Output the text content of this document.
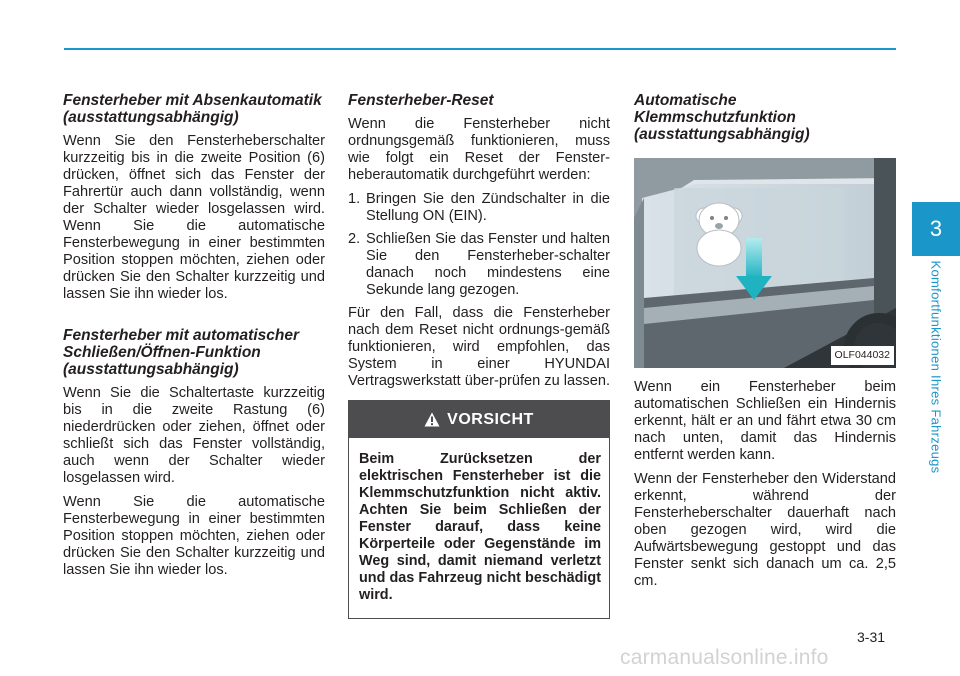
Fensterheber mit Absenkautomatik (ausstattungsabhängig)

Wenn Sie den Fensterheberschalter kurzzeitig bis in die zweite Position (6) drücken, öffnet sich das Fenster der Fahrertür auch dann vollständig, wenn der Schalter wieder losgelassen wird. Wenn Sie die automatische Fensterbewegung in einer bestimmten Position stoppen möchten, ziehen oder drücken Sie den Schalter kurzzeitig und lassen Sie ihn wieder los.

Fensterheber mit automatischer Schließen/Öffnen-Funktion (ausstattungsabhängig)

Wenn Sie die Schaltertaste kurzzeitig bis in die zweite Rastung (6) niederdrücken oder ziehen, öffnet oder schließt sich das Fenster vollständig, auch wenn der Schalter wieder losgelassen wird.

Wenn Sie die automatische Fensterbewegung in einer bestimmten Position stoppen möchten, ziehen oder drücken Sie den Schalter kurzzeitig und lassen Sie ihn wieder los.

Fensterheber-Reset

Wenn die Fensterheber nicht ordnungsgemäß funktionieren, muss wie folgt ein Reset der Fenster-heberautomatik durchgeführt werden:

1. Bringen Sie den Zündschalter in die Stellung ON (EIN).
2. Schließen Sie das Fenster und halten Sie den Fensterheber-schalter danach noch mindestens eine Sekunde lang gezogen.

Für den Fall, dass die Fensterheber nach dem Reset nicht ordnungs-gemäß funktionieren, wird empfohlen, das System in einer HYUNDAI Vertragswerkstatt über-prüfen zu lassen.

VORSICHT
Beim Zurücksetzen der elektrischen Fensterheber ist die Klemmschutzfunktion nicht aktiv. Achten Sie beim Schließen der Fenster darauf, dass keine Körperteile oder Gegenstände im Weg sind, damit niemand verletzt und das Fahrzeug nicht beschädigt wird.
Automatische Klemmschutzfunktion (ausstattungsabhängig)
OLF044032

Wenn ein Fensterheber beim automatischen Schließen ein Hindernis erkennt, hält er an und fährt etwa 30 cm nach unten, damit das Hindernis entfernt werden kann.

Wenn der Fensterheber den Widerstand erkennt, während der Fensterheberschalter dauerhaft nach oben gezogen wird, wird die Aufwärtsbewegung gestoppt und das Fenster senkt sich danach um ca. 2,5 cm.

3
Komfortfunktionen Ihres Fahrzeugs
3-31
carmanualsonline.info
